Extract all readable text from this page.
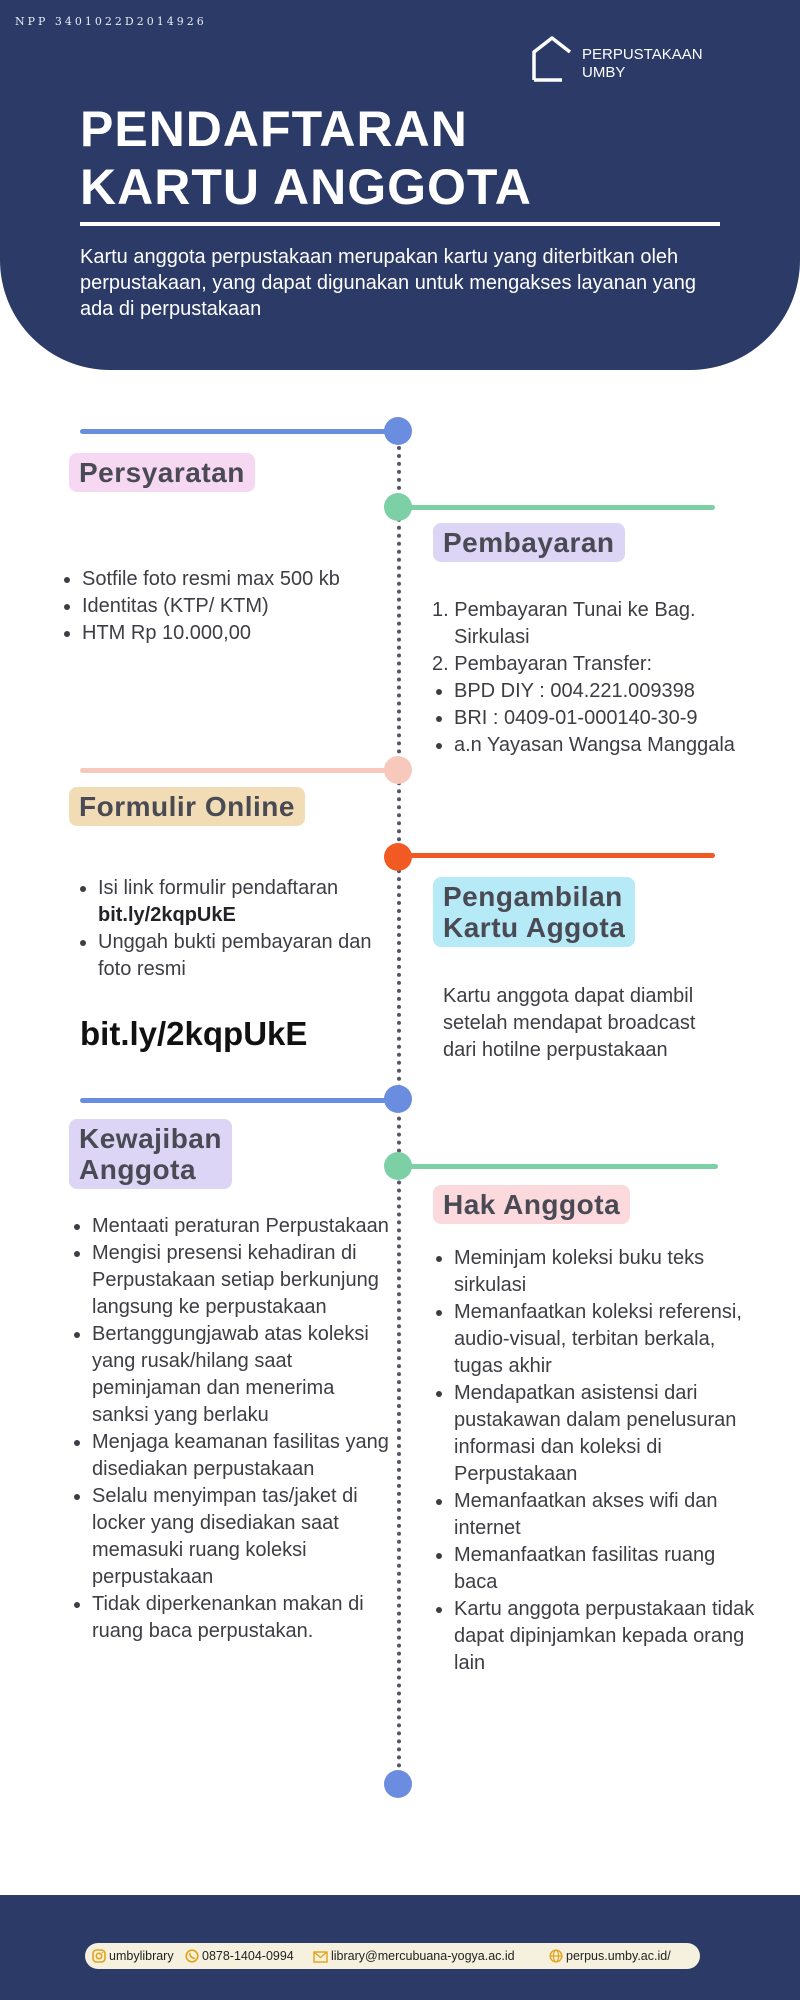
NPP 3401022D2014926
PERPUSTAKAAN
UMBY
PENDAFTARAN
KARTU ANGGOTA
Kartu anggota perpustakaan merupakan kartu yang diterbitkan oleh perpustakaan, yang dapat digunakan untuk mengakses layanan yang ada di perpustakaan
Persyaratan
• Sotfile foto resmi max 500 kb
• Identitas (KTP/ KTM)
• HTM Rp 10.000,00
Pembayaran
1. Pembayaran Tunai ke Bag. Sirkulasi
2. Pembayaran Transfer:
• BPD DIY : 004.221.009398
• BRI : 0409-01-000140-30-9
• a.n Yayasan Wangsa Manggala
Formulir Online
• Isi link formulir pendaftaran
bit.ly/2kqpUkE
• Unggah bukti pembayaran dan foto resmi
bit.ly/2kqpUkE
Pengambilan
Kartu Aggota
Kartu anggota dapat diambil setelah mendapat broadcast dari hotilne perpustakaan
Kewajiban
Anggota
• Mentaati peraturan Perpustakaan
• Mengisi presensi kehadiran di Perpustakaan setiap berkunjung langsung ke perpustakaan
• Bertanggungjawab atas koleksi yang rusak/hilang saat peminjaman dan menerima sanksi yang berlaku
• Menjaga keamanan fasilitas yang disediakan perpustakaan
• Selalu menyimpan tas/jaket di locker yang disediakan saat memasuki ruang koleksi perpustakaan
• Tidak diperkenankan makan di ruang baca perpustakan.
Hak Anggota
• Meminjam koleksi buku teks sirkulasi
• Memanfaatkan koleksi referensi, audio-visual, terbitan berkala, tugas akhir
• Mendapatkan asistensi dari pustakawan dalam penelusuran informasi dan koleksi di Perpustakaan
• Memanfaatkan akses wifi dan internet
• Memanfaatkan fasilitas ruang baca
• Kartu anggota perpustakaan tidak dapat dipinjamkan kepada orang lain
umbylibrary	0878-1404-0994	library@mercubuana-yogya.ac.id	perpus.umby.ac.id/
